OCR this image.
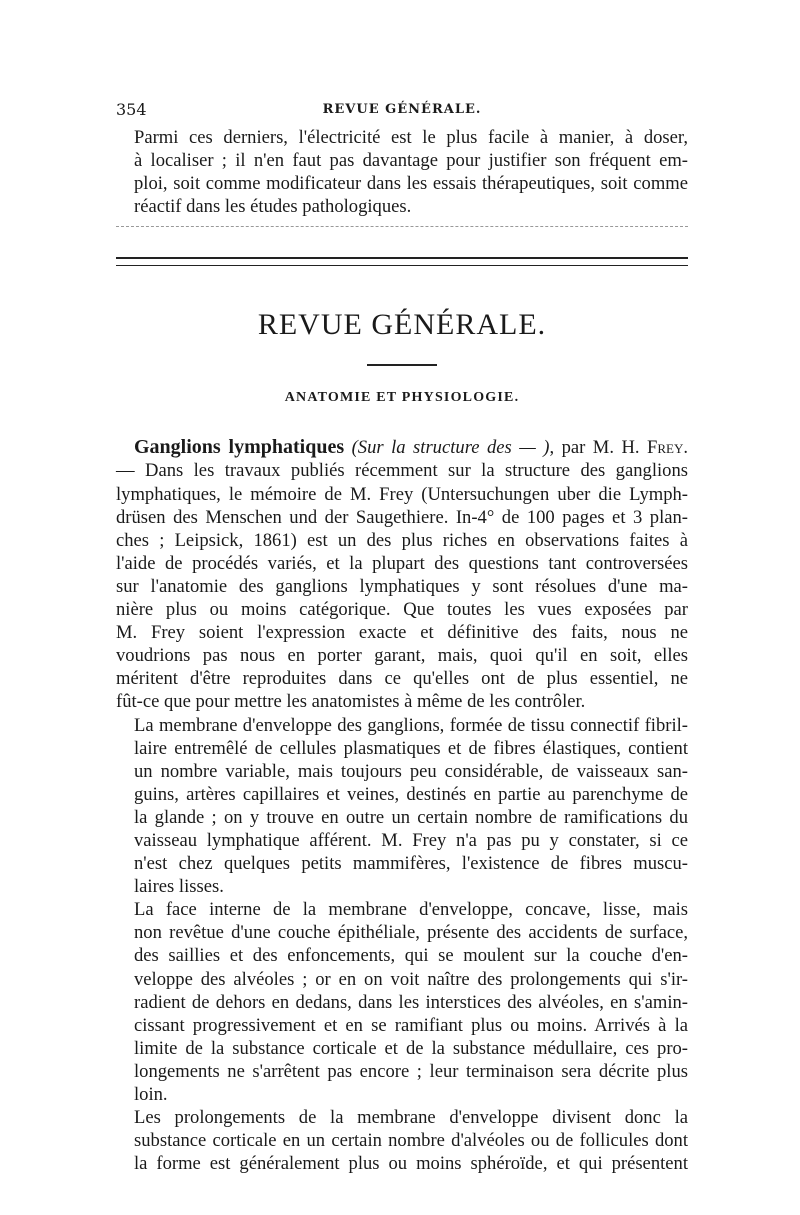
354	REVUE GÉNÉRALE.
Parmi ces derniers, l'électricité est le plus facile à manier, à doser,
à localiser ; il n'en faut pas davantage pour justifier son fréquent em-
ploi, soit comme modificateur dans les essais thérapeutiques, soit comme
réactif dans les études pathologiques.
REVUE GÉNÉRALE.
ANATOMIE ET PHYSIOLOGIE.
Ganglions lymphatiques (Sur la structure des — ), par M. H. Frey.
— Dans les travaux publiés récemment sur la structure des ganglions
lymphatiques, le mémoire de M. Frey (Untersuchungen uber die Lymph-
drüsen des Menschen und der Saugethiere. In-4° de 100 pages et 3 plan-
ches ; Leipsick, 1861) est un des plus riches en observations faites à
l'aide de procédés variés, et la plupart des questions tant controversées
sur l'anatomie des ganglions lymphatiques y sont résolues d'une ma-
nière plus ou moins catégorique. Que toutes les vues exposées par
M. Frey soient l'expression exacte et définitive des faits, nous ne
voudrions pas nous en porter garant, mais, quoi qu'il en soit, elles
méritent d'être reproduites dans ce qu'elles ont de plus essentiel, ne
fût-ce que pour mettre les anatomistes à même de les contrôler.
La membrane d'enveloppe des ganglions, formée de tissu connectif fibril-
laire entremêlé de cellules plasmatiques et de fibres élastiques, contient
un nombre variable, mais toujours peu considérable, de vaisseaux san-
guins, artères capillaires et veines, destinés en partie au parenchyme de
la glande ; on y trouve en outre un certain nombre de ramifications du
vaisseau lymphatique afférent. M. Frey n'a pas pu y constater, si ce
n'est chez quelques petits mammifères, l'existence de fibres muscu-
laires lisses.
La face interne de la membrane d'enveloppe, concave, lisse, mais
non revêtue d'une couche épithéliale, présente des accidents de surface,
des saillies et des enfoncements, qui se moulent sur la couche d'en-
veloppe des alvéoles ; or en on voit naître des prolongements qui s'ir-
radient de dehors en dedans, dans les interstices des alvéoles, en s'amin-
cissant progressivement et en se ramifiant plus ou moins. Arrivés à la
limite de la substance corticale et de la substance médullaire, ces pro-
longements ne s'arrêtent pas encore ; leur terminaison sera décrite plus
loin.
Les prolongements de la membrane d'enveloppe divisent donc la
substance corticale en un certain nombre d'alvéoles ou de follicules dont
la forme est généralement plus ou moins sphéroïde, et qui présentent
